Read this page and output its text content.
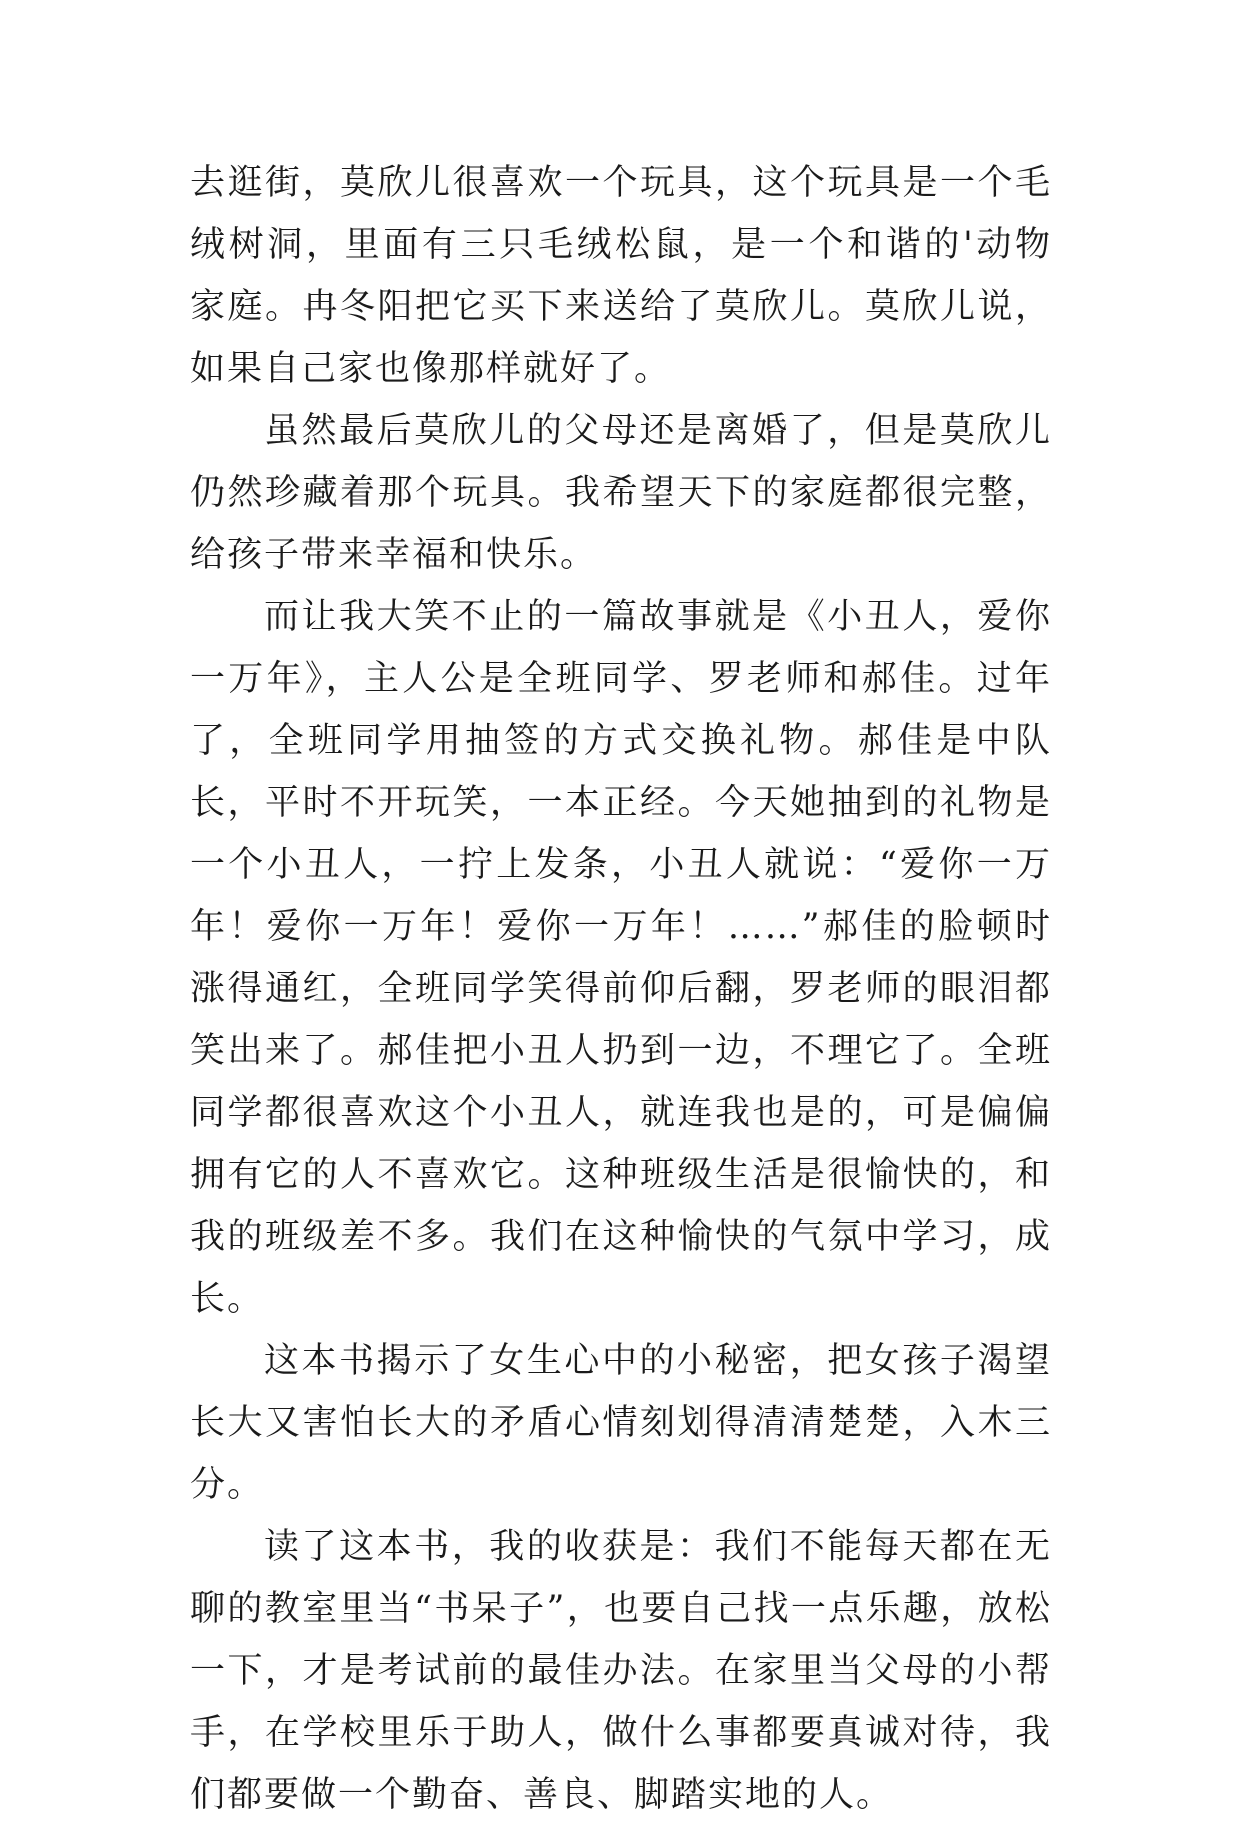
去逛街，莫欣儿很喜欢一个玩具，这个玩具是一个毛绒树洞，里面有三只毛绒松鼠，是一个和谐的'动物家庭。冉冬阳把它买下来送给了莫欣儿。莫欣儿说，如果自己家也像那样就好了。

虽然最后莫欣儿的父母还是离婚了，但是莫欣儿仍然珍藏着那个玩具。我希望天下的家庭都很完整，给孩子带来幸福和快乐。

而让我大笑不止的一篇故事就是《小丑人，爱你一万年》，主人公是全班同学、罗老师和郝佳。过年了，全班同学用抽签的方式交换礼物。郝佳是中队长，平时不开玩笑，一本正经。今天她抽到的礼物是一个小丑人，一拧上发条，小丑人就说：“爱你一万年！爱你一万年！爱你一万年！……”郝佳的脸顿时涨得通红，全班同学笑得前仰后翻，罗老师的眼泪都笑出来了。郝佳把小丑人扔到一边，不理它了。全班同学都很喜欢这个小丑人，就连我也是的，可是偏偏拥有它的人不喜欢它。这种班级生活是很愉快的，和我的班级差不多。我们在这种愉快的气氛中学习，成长。

这本书揭示了女生心中的小秘密，把女孩子渴望长大又害怕长大的矛盾心情刻划得清清楚楚，入木三分。

读了这本书，我的收获是：我们不能每天都在无聊的教室里当“书呆子”，也要自己找一点乐趣，放松一下，才是考试前的最佳办法。在家里当父母的小帮手，在学校里乐于助人，做什么事都要真诚对待，我们都要做一个勤奋、善良、脚踏实地的人。
